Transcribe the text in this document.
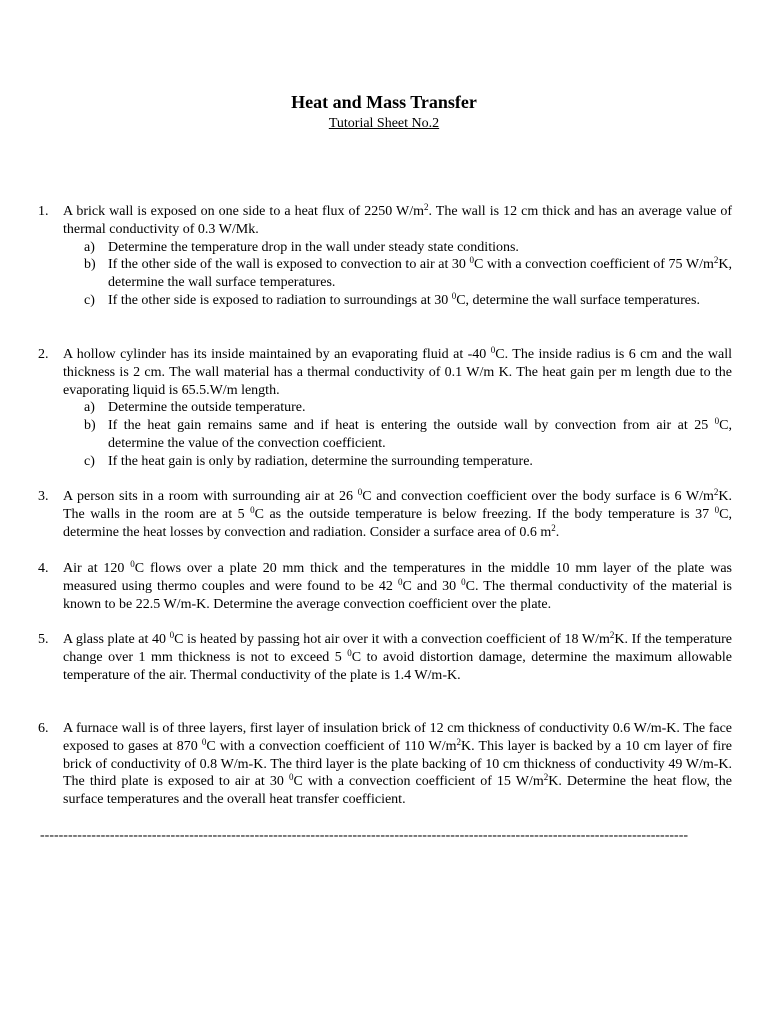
Heat and Mass Transfer
Tutorial Sheet No.2
1.	A brick wall is exposed on one side to a heat flux of 2250 $W/m^2$. The wall is 12 cm thick and has an average value of thermal conductivity of 0.3 W/Mk.
a) Determine the temperature drop in the wall under steady state conditions.
b) If the other side of the wall is exposed to convection to air at 30 $^0$C with a convection coefficient of 75 $W/m^2K$, determine the wall surface temperatures.
c) If the other side is exposed to radiation to surroundings at 30 $^0$C, determine the wall surface temperatures.
2.	A hollow cylinder has its inside maintained by an evaporating fluid at -40 $^0$C. The inside radius is 6 cm and the wall thickness is 2 cm. The wall material has a thermal conductivity of 0.1 W/m K. The heat gain per m length due to the evaporating liquid is 65.5.W/m length.
a) Determine the outside temperature.
b) If the heat gain remains same and if heat is entering the outside wall by convection from air at 25 $^0$C, determine the value of the convection coefficient.
c) If the heat gain is only by radiation, determine the surrounding temperature.
3.	A person sits in a room with surrounding air at 26 $^0$C and convection coefficient over the body surface is 6 $W/m^2K$. The walls in the room are at 5 $^0$C as the outside temperature is below freezing. If the body temperature is 37 $^0$C, determine the heat losses by convection and radiation. Consider a surface area of 0.6 $m^2$.
4.	Air at 120 $^0$C flows over a plate 20 mm thick and the temperatures in the middle 10 mm layer of the plate was measured using thermo couples and were found to be 42 $^0$C and 30 $^0$C. The thermal conductivity of the material is known to be 22.5 W/m-K. Determine the average convection coefficient over the plate.
5.	A glass plate at 40 $^0$C is heated by passing hot air over it with a convection coefficient of 18 $W/m^2K$. If the temperature change over 1 mm thickness is not to exceed 5 $^0$C to avoid distortion damage, determine the maximum allowable temperature of the air. Thermal conductivity of the plate is 1.4 W/m-K.
6.	A furnace wall is of three layers, first layer of insulation brick of 12 cm thickness of conductivity 0.6 W/m-K. The face exposed to gases at 870 $^0$C with a convection coefficient of 110 $W/m^2K$. This layer is backed by a 10 cm layer of fire brick of conductivity of 0.8 W/m-K. The third layer is the plate backing of 10 cm thickness of conductivity 49 W/m-K. The third plate is exposed to air at 30 $^0$C with a convection coefficient of 15 $W/m^2K$. Determine the heat flow, the surface temperatures and the overall heat transfer coefficient.
-------------------------------------------------------------------------------------------------------------------------------------------
